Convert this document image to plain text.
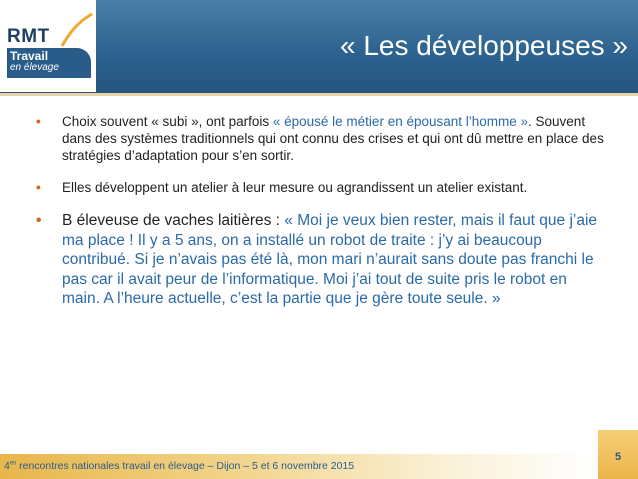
RMT
Travail
en élevage
« Les développeuses »
• Choix souvent « subi », ont parfois « épousé le métier en épousant l’homme ». Souvent dans des systèmes traditionnels qui ont connu des crises et qui ont dû mettre en place des stratégies d’adaptation pour s’en sortir.
• Elles développent un atelier à leur mesure ou agrandissent un atelier existant.
• B éleveuse de vaches laitières : « Moi je veux bien rester, mais il faut que j’aie ma place ! Il y a 5 ans, on a installé un robot de traite : j’y ai beaucoup contribué. Si je n’avais pas été là, mon mari n’aurait sans doute pas franchi le pas car il avait peur de l’informatique. Moi j’ai tout de suite pris le robot en main. A l’heure actuelle, c’est la partie que je gère toute seule. »
$4^{es}$ rencontres nationales travail en élevage – Dijon – 5 et 6 novembre 2015
5
